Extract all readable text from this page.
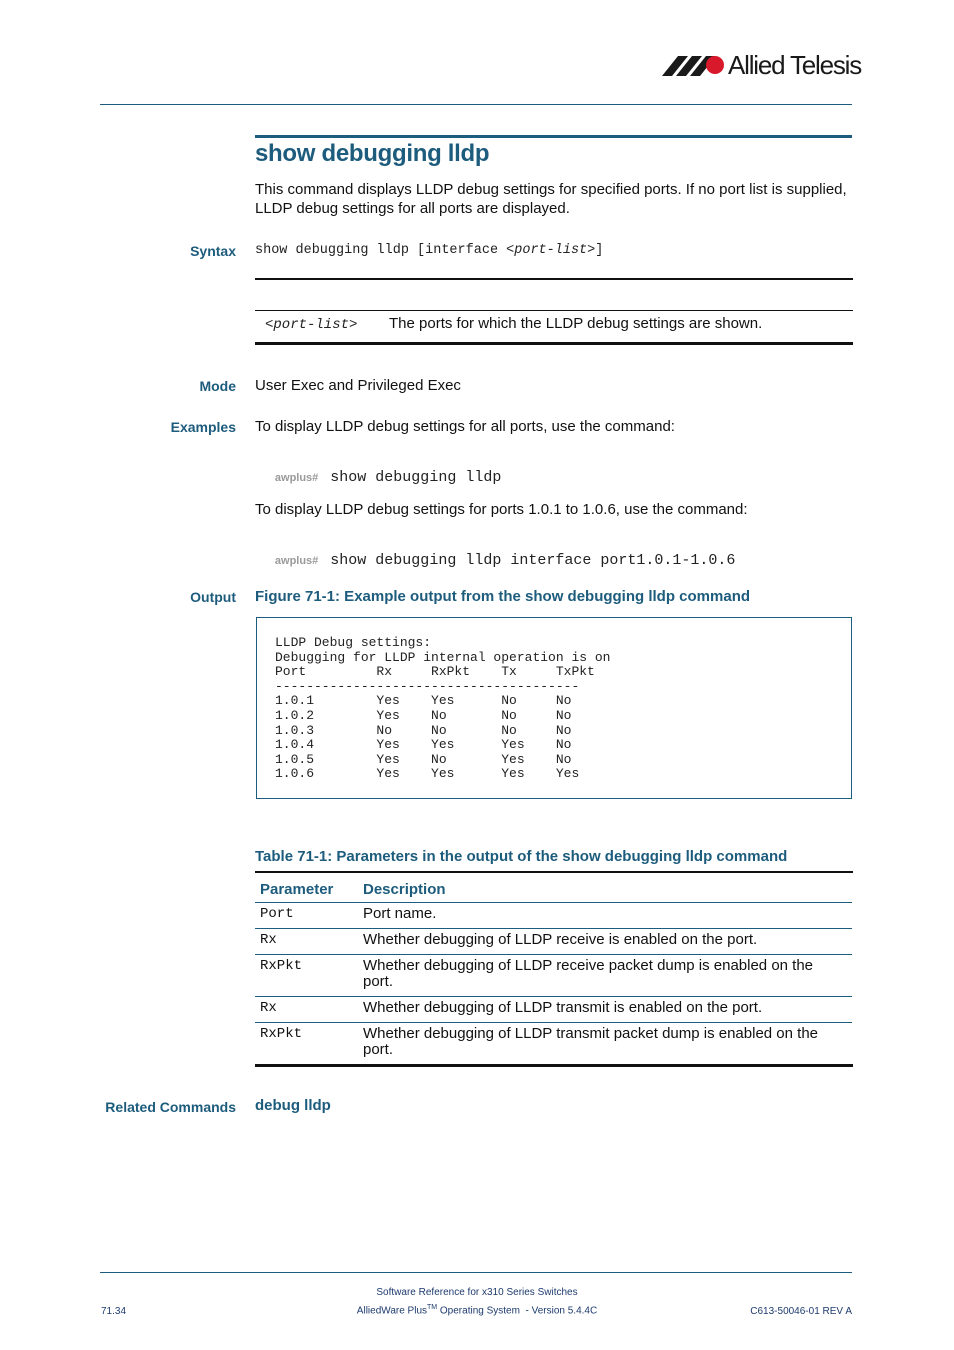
Allied Telesis
show debugging lldp
This command displays LLDP debug settings for specified ports. If no port list is supplied, LLDP debug settings for all ports are displayed.
Syntax show debugging lldp [interface <port-list>]
<port-list> The ports for which the LLDP debug settings are shown.
Mode User Exec and Privileged Exec
Examples To display LLDP debug settings for all ports, use the command:

awplus# show debugging lldp

To display LLDP debug settings for ports 1.0.1 to 1.0.6, use the command:

awplus# show debugging lldp interface port1.0.1-1.0.6

Output Figure 71-1: Example output from the show debugging lldp command
LLDP Debug settings:
Debugging for LLDP internal operation is on
Port         Rx     RxPkt    Tx     TxPkt
---------------------------------------
1.0.1        Yes    Yes      No     No
1.0.2        Yes    No       No     No
1.0.3        No     No       No     No
1.0.4        Yes    Yes      Yes    No
1.0.5        Yes    No       Yes    No
1.0.6        Yes    Yes      Yes    Yes
Table 71-1: Parameters in the output of the show debugging lldp command
Parameter	Description
Port	Port name.
Rx	Whether debugging of LLDP receive is enabled on the port.
RxPkt	Whether debugging of LLDP receive packet dump is enabled on the port.
Rx	Whether debugging of LLDP transmit is enabled on the port.
RxPkt	Whether debugging of LLDP transmit packet dump is enabled on the port.
Related Commands debug lldp
Software Reference for x310 Series Switches
71.34	AlliedWare Plus™ Operating System  - Version 5.4.4C	C613-50046-01 REV A
